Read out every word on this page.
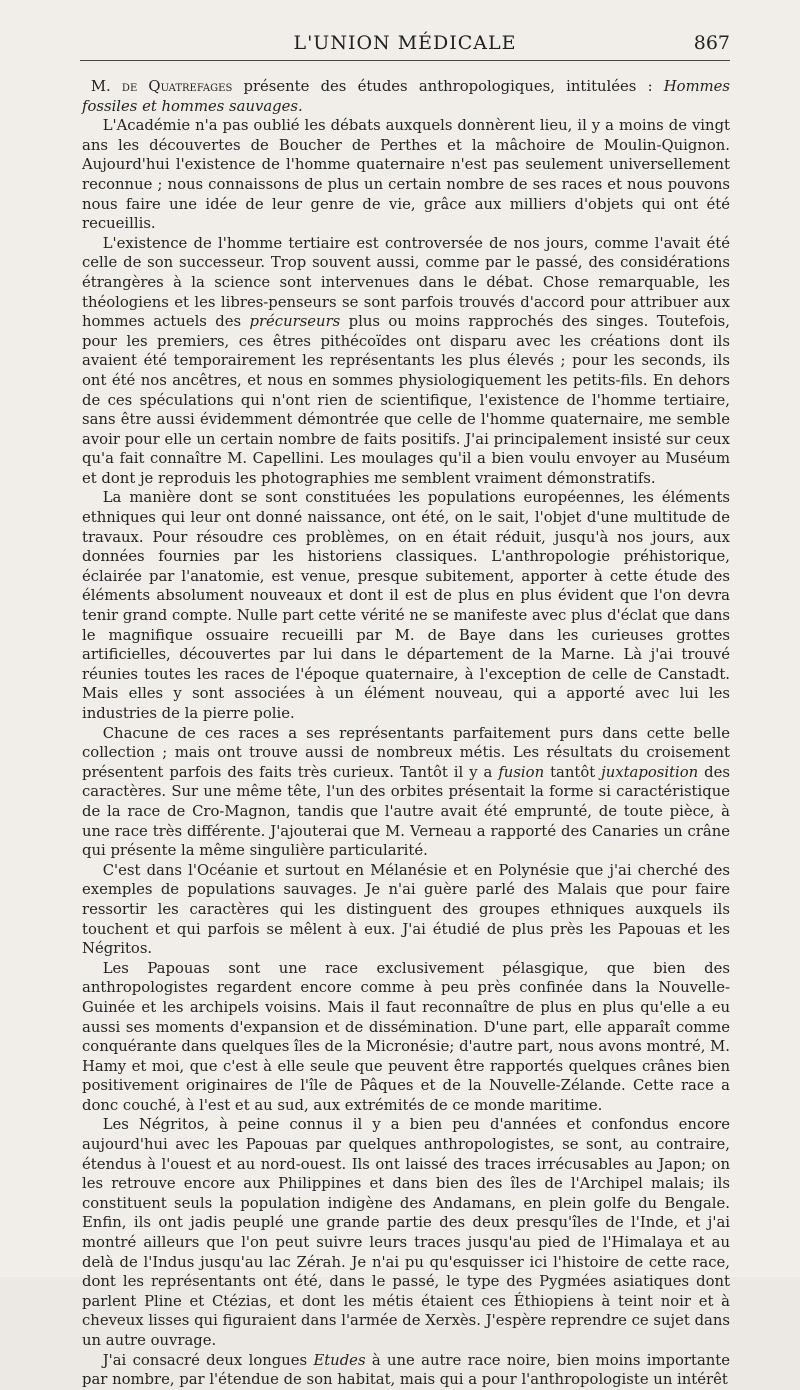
L'UNION MÉDICALE	867

M. de Quatrefages présente des études anthropologiques, intitulées : Hommes fossiles et hommes sauvages.

L'Académie n'a pas oublié les débats auxquels donnèrent lieu, il y a moins de vingt ans les découvertes de Boucher de Perthes et la mâchoire de Moulin-Quignon. Aujourd'hui l'existence de l'homme quaternaire n'est pas seulement universellement reconnue ; nous connaissons de plus un certain nombre de ses races et nous pouvons nous faire une idée de leur genre de vie, grâce aux milliers d'objets qui ont été recueillis.

L'existence de l'homme tertiaire est controversée de nos jours, comme l'avait été celle de son successeur. Trop souvent aussi, comme par le passé, des considérations étrangères à la science sont intervenues dans le débat. Chose remarquable, les théologiens et les libres-penseurs se sont parfois trouvés d'accord pour attribuer aux hommes actuels des précurseurs plus ou moins rapprochés des singes. Toutefois, pour les premiers, ces êtres pithécoïdes ont disparu avec les créations dont ils avaient été temporairement les représentants les plus élevés ; pour les seconds, ils ont été nos ancêtres, et nous en sommes physiologiquement les petits-fils. En dehors de ces spéculations qui n'ont rien de scientifique, l'existence de l'homme tertiaire, sans être aussi évidemment démontrée que celle de l'homme quaternaire, me semble avoir pour elle un certain nombre de faits positifs. J'ai principalement insisté sur ceux qu'a fait connaître M. Capellini. Les moulages qu'il a bien voulu envoyer au Muséum et dont je reproduis les photographies me semblent vraiment démonstratifs.

La manière dont se sont constituées les populations européennes, les éléments ethniques qui leur ont donné naissance, ont été, on le sait, l'objet d'une multitude de travaux. Pour résoudre ces problèmes, on en était réduit, jusqu'à nos jours, aux données fournies par les historiens classiques. L'anthropologie préhistorique, éclairée par l'anatomie, est venue, presque subitement, apporter à cette étude des éléments absolument nouveaux et dont il est de plus en plus évident que l'on devra tenir grand compte. Nulle part cette vérité ne se manifeste avec plus d'éclat que dans le magnifique ossuaire recueilli par M. de Baye dans les curieuses grottes artificielles, découvertes par lui dans le département de la Marne. Là j'ai trouvé réunies toutes les races de l'époque quaternaire, à l'exception de celle de Canstadt. Mais elles y sont associées à un élément nouveau, qui a apporté avec lui les industries de la pierre polie.

Chacune de ces races a ses représentants parfaitement purs dans cette belle collection ; mais ont trouve aussi de nombreux métis. Les résultats du croisement présentent parfois des faits très curieux. Tantôt il y a fusion tantôt juxtaposition des caractères. Sur une même tête, l'un des orbites présentait la forme si caractéristique de la race de Cro-Magnon, tandis que l'autre avait été emprunté, de toute pièce, à une race très différente. J'ajouterai que M. Verneau a rapporté des Canaries un crâne qui présente la même singulière particularité.

C'est dans l'Océanie et surtout en Mélanésie et en Polynésie que j'ai cherché des exemples de populations sauvages. Je n'ai guère parlé des Malais que pour faire ressortir les caractères qui les distinguent des groupes ethniques auxquels ils touchent et qui parfois se mêlent à eux. J'ai étudié de plus près les Papouas et les Négritos.

Les Papouas sont une race exclusivement pélasgique, que bien des anthropologistes regardent encore comme à peu près confinée dans la Nouvelle-Guinée et les archipels voisins. Mais il faut reconnaître de plus en plus qu'elle a eu aussi ses moments d'expansion et de dissémination. D'une part, elle apparaît comme conquérante dans quelques îles de la Micronésie; d'autre part, nous avons montré, M. Hamy et moi, que c'est à elle seule que peuvent être rapportés quelques crânes bien positivement originaires de l'île de Pâques et de la Nouvelle-Zélande. Cette race a donc couché, à l'est et au sud, aux extrémités de ce monde maritime.

Les Négritos, à peine connus il y a bien peu d'années et confondus encore aujourd'hui avec les Papouas par quelques anthropologistes, se sont, au contraire, étendus à l'ouest et au nord-ouest. Ils ont laissé des traces irrécusables au Japon; on les retrouve encore aux Philippines et dans bien des îles de l'Archipel malais; ils constituent seuls la population indigène des Andamans, en plein golfe du Bengale. Enfin, ils ont jadis peuplé une grande partie des deux presqu'îles de l'Inde, et j'ai montré ailleurs que l'on peut suivre leurs traces jusqu'au pied de l'Himalaya et au delà de l'Indus jusqu'au lac Zérah. Je n'ai pu qu'esquisser ici l'histoire de cette race, dont les représentants ont été, dans le passé, le type des Pygmées asiatiques dont parlent Pline et Ctézias, et dont les métis étaient ces Éthiopiens à teint noir et à cheveux lisses qui figuraient dans l'armée de Xerxès. J'espère reprendre ce sujet dans un autre ouvrage.

J'ai consacré deux longues Etudes à une autre race noire, bien moins importante par nombre, par l'étendue de son habitat, mais qui a pour l'anthropologiste un intérêt
